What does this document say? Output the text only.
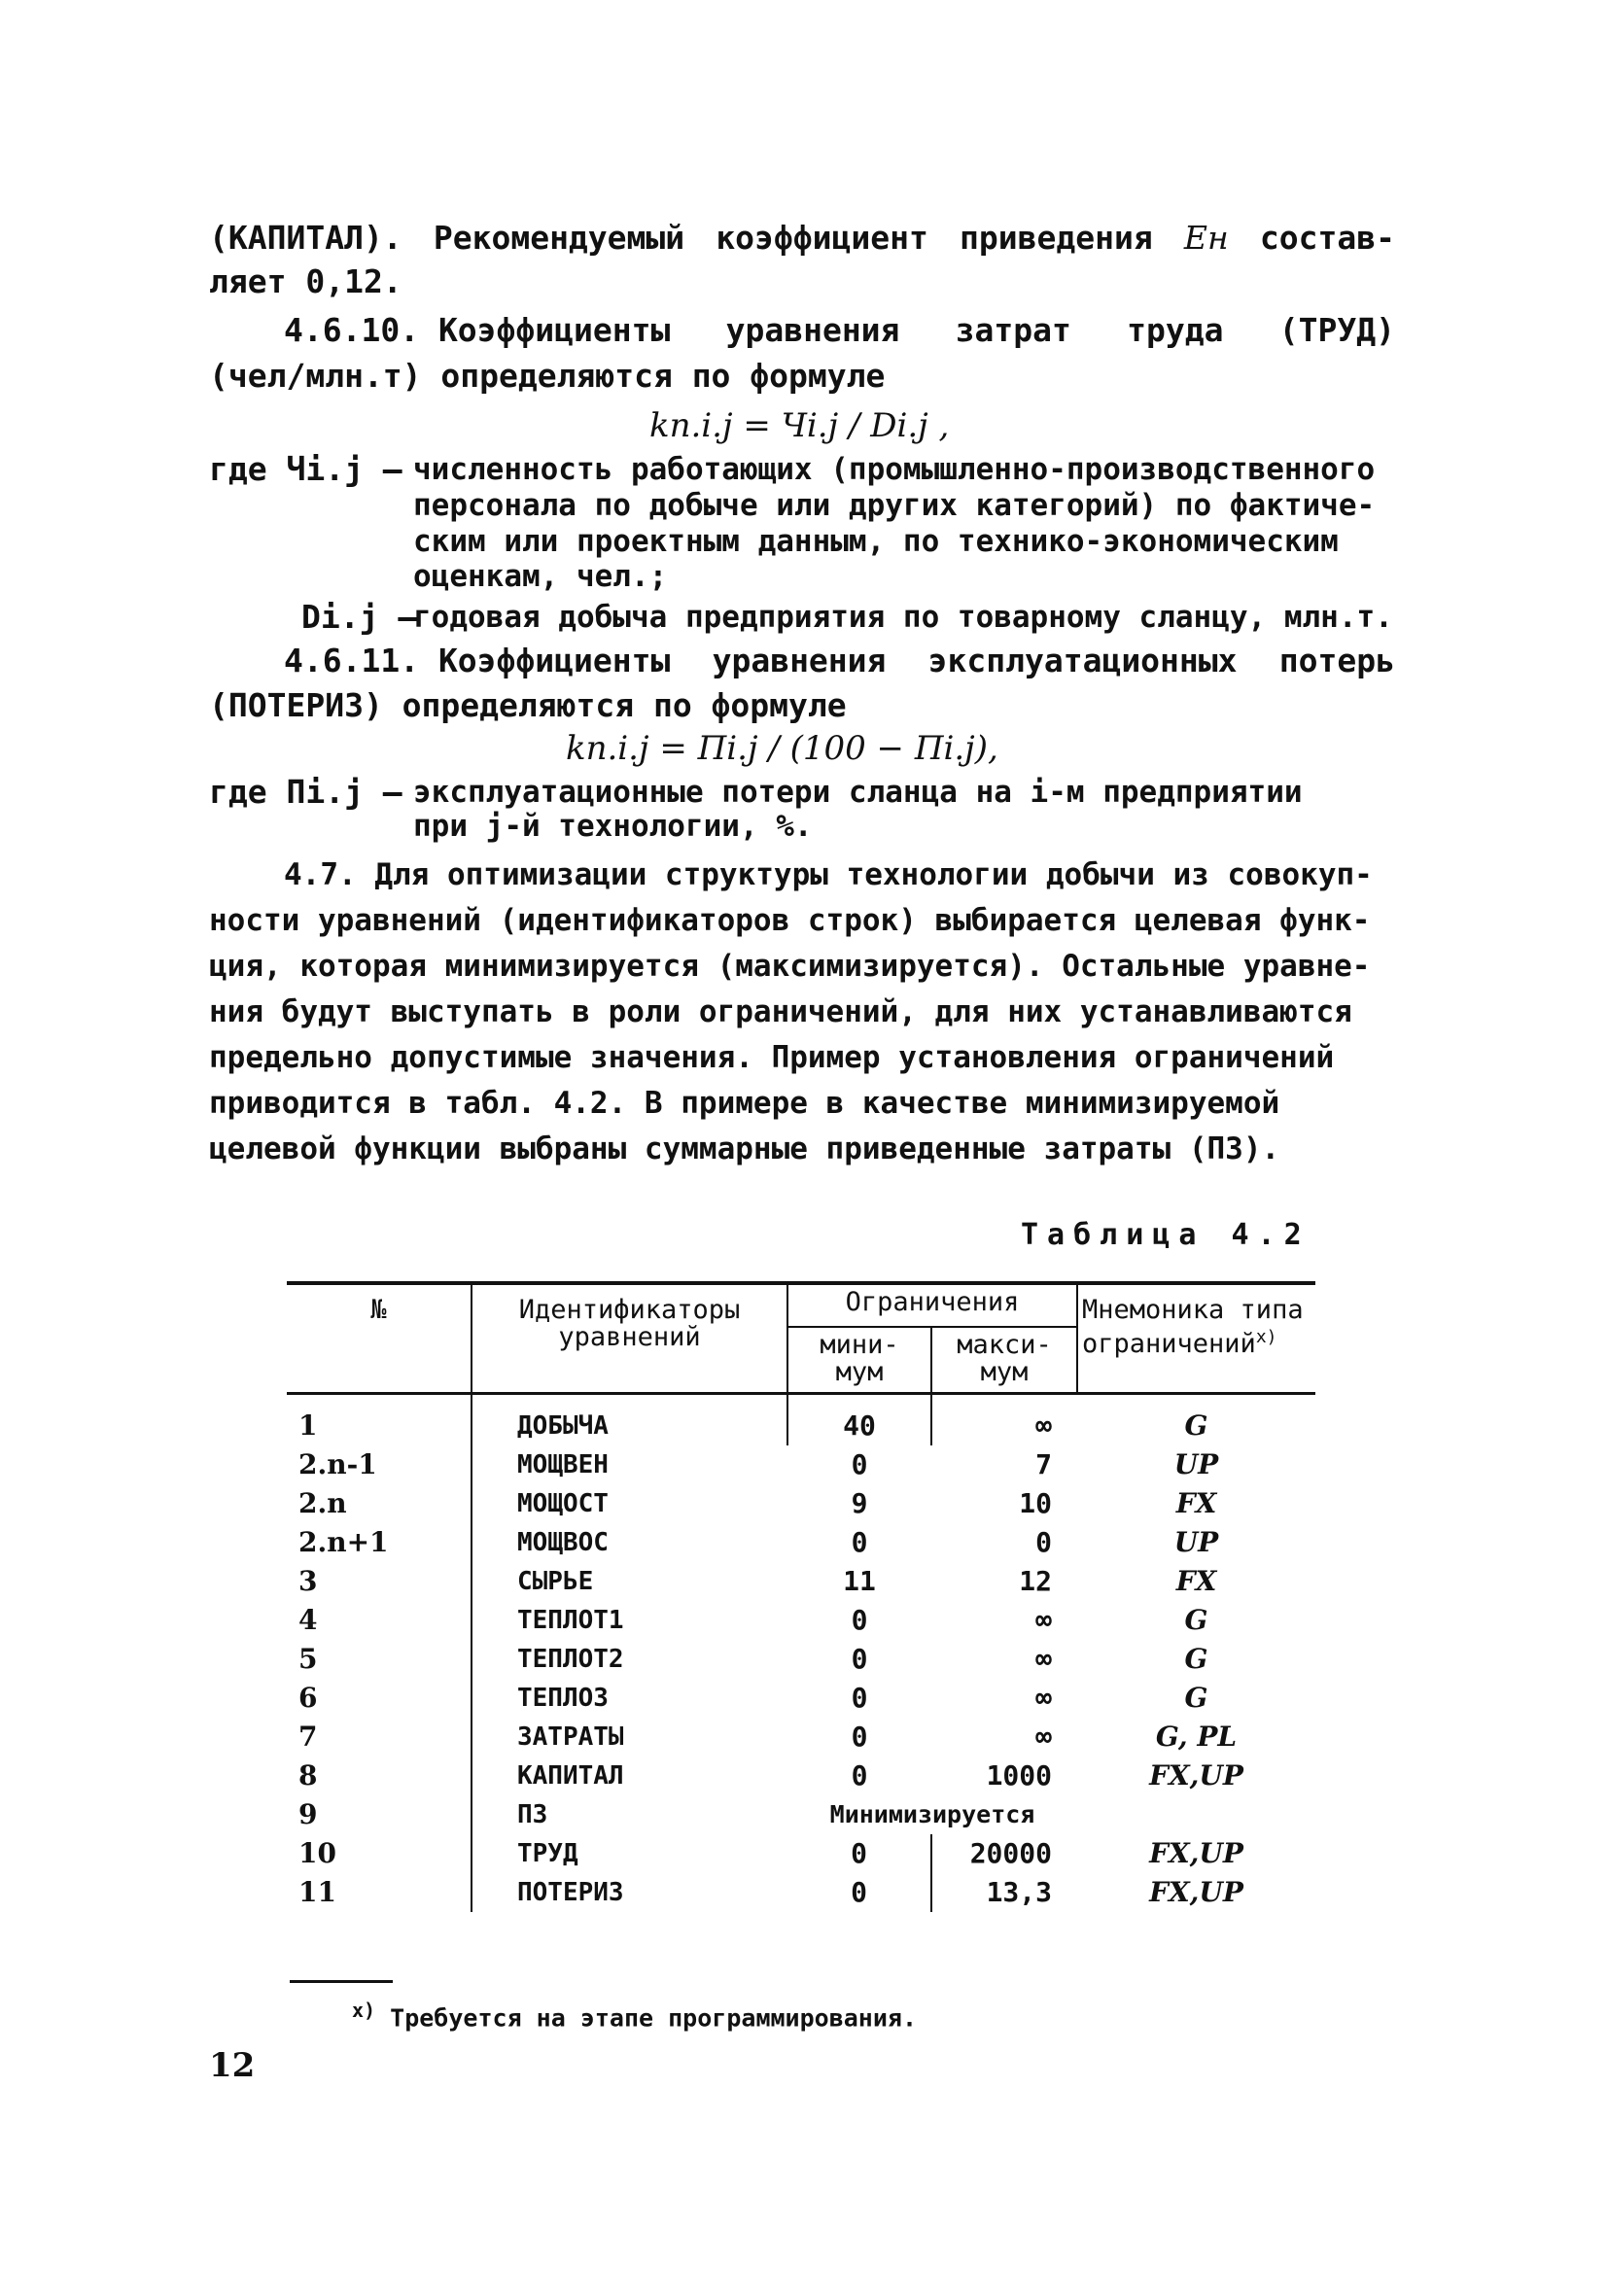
(КАПИТАЛ). Рекомендуемый коэффициент приведения Eн состав-
ляет 0,12.
4.6.10. Коэффициенты уравнения затрат труда (ТРУД)
(чел/млн.т) определяются по формуле
kn.i.j = Чi.j / Di.j ,
где Чi.j – численность работающих (промышленно-производственного
персонала по добыче или других категорий) по фактиче-
ским или проектным данным, по технико-экономическим
оценкам, чел.;
Di.j –
годовая добыча предприятия по товарному сланцу, млн.т.
4.6.11. Коэффициенты уравнения эксплуатационных потерь
(ПОТЕРИЗ) определяются по формуле
kn.i.j = Пi.j / (100 − Пi.j),
где Пi.j – эксплуатационные потери сланца на i-м предприятии
при j-й технологии, %.
4.7. Для оптимизации структуры технологии добычи из совокуп-
ности уравнений (идентификаторов строк) выбирается целевая функ-
ция, которая минимизируется (максимизируется). Остальные уравне-
ния будут выступать в роли ограничений, для них устанавливаются
предельно допустимые значения. Пример установления ограничений
приводится в табл. 4.2. В примере в качестве минимизируемой
целевой функции выбраны суммарные приведенные затраты (ПЗ).
Таблица 4.2
№	Идентификаторы уравнений	Ограничения		Мнемоника типа ограничений$^{x)}$
		мини- мум	макси- мум	
1	ДОБЫЧА	40	∞	G
2.n-1	МОЩВЕН	0	7	UP
2.n	МОЩОСТ	9	10	FX
2.n+1	МОЩВОС	0	0	UP
3	СЫРЬЕ	11	12	FX
4	ТЕПЛОТ1	0	∞	G
5	ТЕПЛОТ2	0	∞	G
6	ТЕПЛОЗ	0	∞	G
7	ЗАТРАТЫ	0	∞	G, PL
8	КАПИТАЛ	0	1000	FX,UP
9	ПЗ	Минимизируется		
10	ТРУД	0	20000	FX,UP
11	ПОТЕРИЗ	0	13,3	FX,UP
$^{x)}$ Требуется на этапе программирования.
12
